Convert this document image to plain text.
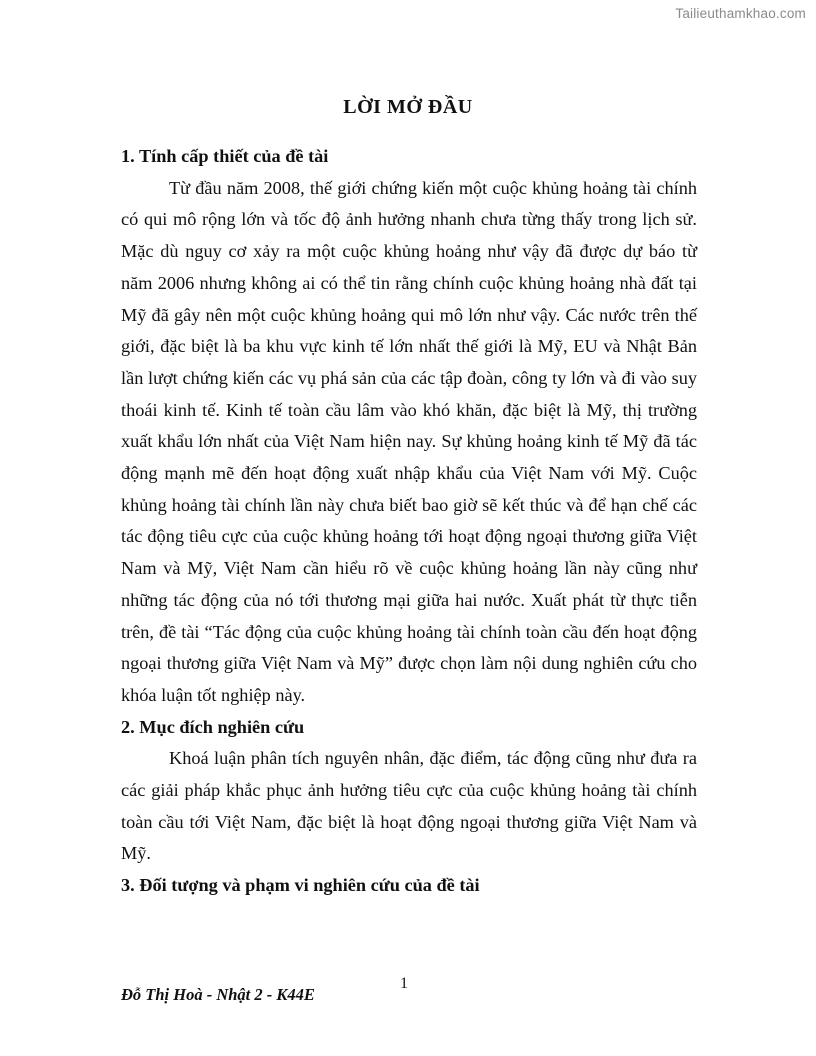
Tailieuthamkhao.com
LỜI MỞ ĐẦU

1. Tính cấp thiết của đề tài

Từ đầu năm 2008, thế giới chứng kiến một cuộc khủng hoảng tài chính có qui mô rộng lớn và tốc độ ảnh hưởng nhanh chưa từng thấy trong lịch sử. Mặc dù nguy cơ xảy ra một cuộc khủng hoảng như vậy đã được dự báo từ năm 2006 nhưng không ai có thể tin rằng chính cuộc khủng hoảng nhà đất tại Mỹ đã gây nên một cuộc khủng hoảng qui mô lớn như vậy. Các nước trên thế giới, đặc biệt là ba khu vực kinh tế lớn nhất thế giới là Mỹ, EU và Nhật Bản lần lượt chứng kiến các vụ phá sản của các tập đoàn, công ty lớn và đi vào suy thoái kinh tế. Kinh tế toàn cầu lâm vào khó khăn, đặc biệt là Mỹ, thị trường xuất khẩu lớn nhất của Việt Nam hiện nay. Sự khủng hoảng kinh tế Mỹ đã tác động mạnh mẽ đến hoạt động xuất nhập khẩu của Việt Nam với Mỹ. Cuộc khủng hoảng tài chính lần này chưa biết bao giờ sẽ kết thúc và để hạn chế các tác động tiêu cực của cuộc khủng hoảng tới hoạt động ngoại thương giữa Việt Nam và Mỹ, Việt Nam cần hiểu rõ về cuộc khủng hoảng lần này cũng như những tác động của nó tới thương mại giữa hai nước. Xuất phát từ thực tiễn trên, đề tài “Tác động của cuộc khủng hoảng tài chính toàn cầu đến hoạt động ngoại thương giữa Việt Nam và Mỹ” được chọn làm nội dung nghiên cứu cho khóa luận tốt nghiệp này.

2. Mục đích nghiên cứu

Khoá luận phân tích nguyên nhân, đặc điểm, tác động cũng như đưa ra các giải pháp khắc phục ảnh hưởng tiêu cực của cuộc khủng hoảng tài chính toàn cầu tới Việt Nam, đặc biệt là hoạt động ngoại thương giữa Việt Nam và Mỹ.

3. Đối tượng và phạm vi nghiên cứu của đề tài

1
Đỗ Thị Hoà - Nhật 2 - K44E
